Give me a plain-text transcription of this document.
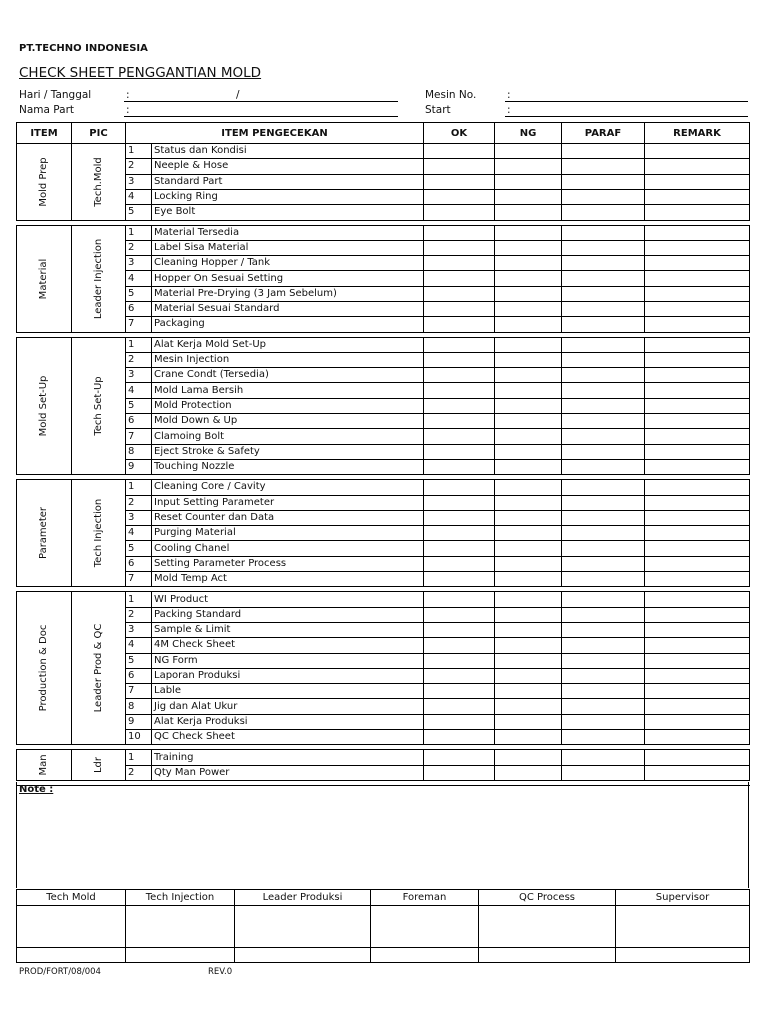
PT.TECHNO INDONESIA
CHECK SHEET PENGGANTIAN MOLD
Hari / Tanggal	:	/
Nama Part	:
Mesin No.	:
Start	:
ITEM	PIC	ITEM PENGECEKAN		OK	NG	PARAF	REMARK

Mold Prep	Tech.Mold	1	Status dan Kondisi				
		2	Neeple & Hose				
		3	Standard Part				
		4	Locking Ring				
		5	Eye Bolt				

Material	Leader Injection	1	Material Tersedia				
		2	Label Sisa Material				
		3	Cleaning Hopper / Tank				
		4	Hopper On Sesuai Setting				
		5	Material Pre-Drying (3 Jam Sebelum)				
		6	Material Sesuai Standard				
		7	Packaging				

Mold Set-Up	Tech Set-Up	1	Alat Kerja Mold Set-Up				
		2	Mesin Injection				
		3	Crane Condt (Tersedia)				
		4	Mold Lama Bersih				
		5	Mold Protection				
		6	Mold Down & Up				
		7	Clamoing Bolt				
		8	Eject Stroke & Safety				
		9	Touching Nozzle				

Parameter	Tech Injection	1	Cleaning Core / Cavity				
		2	Input Setting Parameter				
		3	Reset Counter dan Data				
		4	Purging Material				
		5	Cooling Chanel				
		6	Setting Parameter Process				
		7	Mold Temp Act				

Production & Doc	Leader Prod & QC	1	WI Product				
		2	Packing Standard				
		3	Sample & Limit				
		4	4M Check Sheet				
		5	NG Form				
		6	Laporan Produksi				
		7	Lable				
		8	Jig dan Alat Ukur				
		9	Alat Kerja Produksi				
		10	QC Check Sheet				

Man	Ldr	1	Training				
		2	Qty Man Power				

Note :
Tech Mold	Tech Injection	Leader Produksi	Foreman	QC Process	Supervisor

PROD/FORT/08/004	REV.0
